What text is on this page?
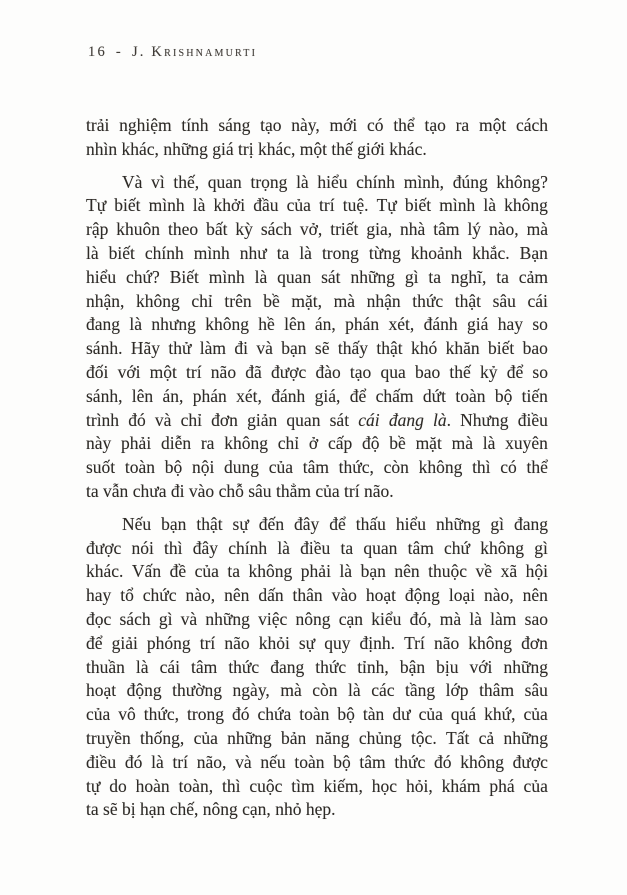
16 - J. Krishnamurti
trải nghiệm tính sáng tạo này, mới có thể tạo ra một cách
nhìn khác, những giá trị khác, một thế giới khác.
Và vì thế, quan trọng là hiểu chính mình, đúng không?
Tự biết mình là khởi đầu của trí tuệ. Tự biết mình là không
rập khuôn theo bất kỳ sách vở, triết gia, nhà tâm lý nào, mà
là biết chính mình như ta là trong từng khoảnh khắc. Bạn
hiểu chứ? Biết mình là quan sát những gì ta nghĩ, ta cảm
nhận, không chỉ trên bề mặt, mà nhận thức thật sâu cái
đang là nhưng không hề lên án, phán xét, đánh giá hay so
sánh. Hãy thử làm đi và bạn sẽ thấy thật khó khăn biết bao
đối với một trí não đã được đào tạo qua bao thế kỷ để so
sánh, lên án, phán xét, đánh giá, để chấm dứt toàn bộ tiến
trình đó và chỉ đơn giản quan sát cái đang là. Nhưng điều
này phải diễn ra không chỉ ở cấp độ bề mặt mà là xuyên
suốt toàn bộ nội dung của tâm thức, còn không thì có thể
ta vẫn chưa đi vào chỗ sâu thẳm của trí não.
Nếu bạn thật sự đến đây để thấu hiểu những gì đang
được nói thì đây chính là điều ta quan tâm chứ không gì
khác. Vấn đề của ta không phải là bạn nên thuộc về xã hội
hay tổ chức nào, nên dấn thân vào hoạt động loại nào, nên
đọc sách gì và những việc nông cạn kiểu đó, mà là làm sao
để giải phóng trí não khỏi sự quy định. Trí não không đơn
thuần là cái tâm thức đang thức tỉnh, bận bịu với những
hoạt động thường ngày, mà còn là các tầng lớp thâm sâu
của vô thức, trong đó chứa toàn bộ tàn dư của quá khứ, của
truyền thống, của những bản năng chủng tộc. Tất cả những
điều đó là trí não, và nếu toàn bộ tâm thức đó không được
tự do hoàn toàn, thì cuộc tìm kiếm, học hỏi, khám phá của
ta sẽ bị hạn chế, nông cạn, nhỏ hẹp.
